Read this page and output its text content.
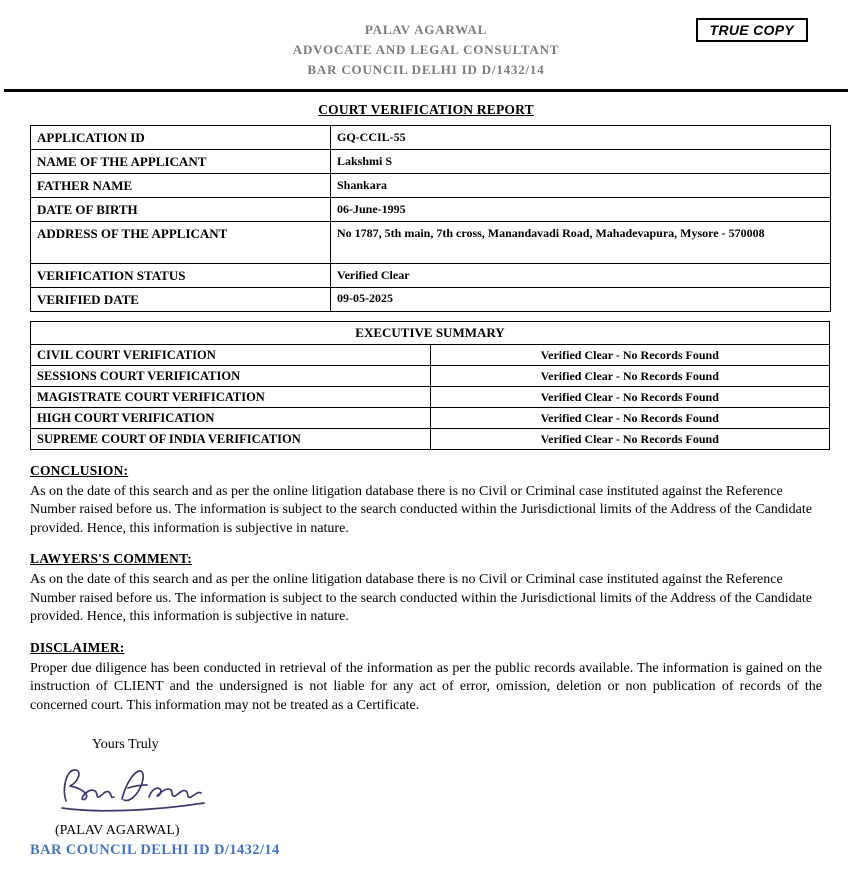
PALAV AGARWAL
ADVOCATE AND LEGAL CONSULTANT
BAR COUNCIL DELHI ID D/1432/14
TRUE COPY
COURT VERIFICATION REPORT
APPLICATION ID	GQ-CCIL-55
NAME OF THE APPLICANT	Lakshmi S
FATHER NAME	Shankara
DATE OF BIRTH	06-June-1995
ADDRESS OF THE APPLICANT	No 1787, 5th main, 7th cross, Manandavadi Road, Mahadevapura, Mysore - 570008
VERIFICATION STATUS	Verified Clear
VERIFIED DATE	09-05-2025
EXECUTIVE SUMMARY	
CIVIL COURT VERIFICATION	Verified Clear - No Records Found
SESSIONS COURT VERIFICATION	Verified Clear - No Records Found
MAGISTRATE COURT VERIFICATION	Verified Clear - No Records Found
HIGH COURT VERIFICATION	Verified Clear - No Records Found
SUPREME COURT OF INDIA VERIFICATION	Verified Clear - No Records Found
CONCLUSION:
As on the date of this search and as per the online litigation database there is no Civil or Criminal case instituted against the Reference Number raised before us. The information is subject to the search conducted within the Jurisdictional limits of the Address of the Candidate provided. Hence, this information is subjective in nature.
LAWYERS'S COMMENT:
As on the date of this search and as per the online litigation database there is no Civil or Criminal case instituted against the Reference Number raised before us. The information is subject to the search conducted within the Jurisdictional limits of the Address of the Candidate provided. Hence, this information is subjective in nature.
DISCLAIMER:
Proper due diligence has been conducted in retrieval of the information as per the public records available. The information is gained on the instruction of CLIENT and the undersigned is not liable for any act of error, omission, deletion or non publication of records of the concerned court. This information may not be treated as a Certificate.
Yours Truly
(PALAV AGARWAL)
BAR COUNCIL DELHI ID D/1432/14
